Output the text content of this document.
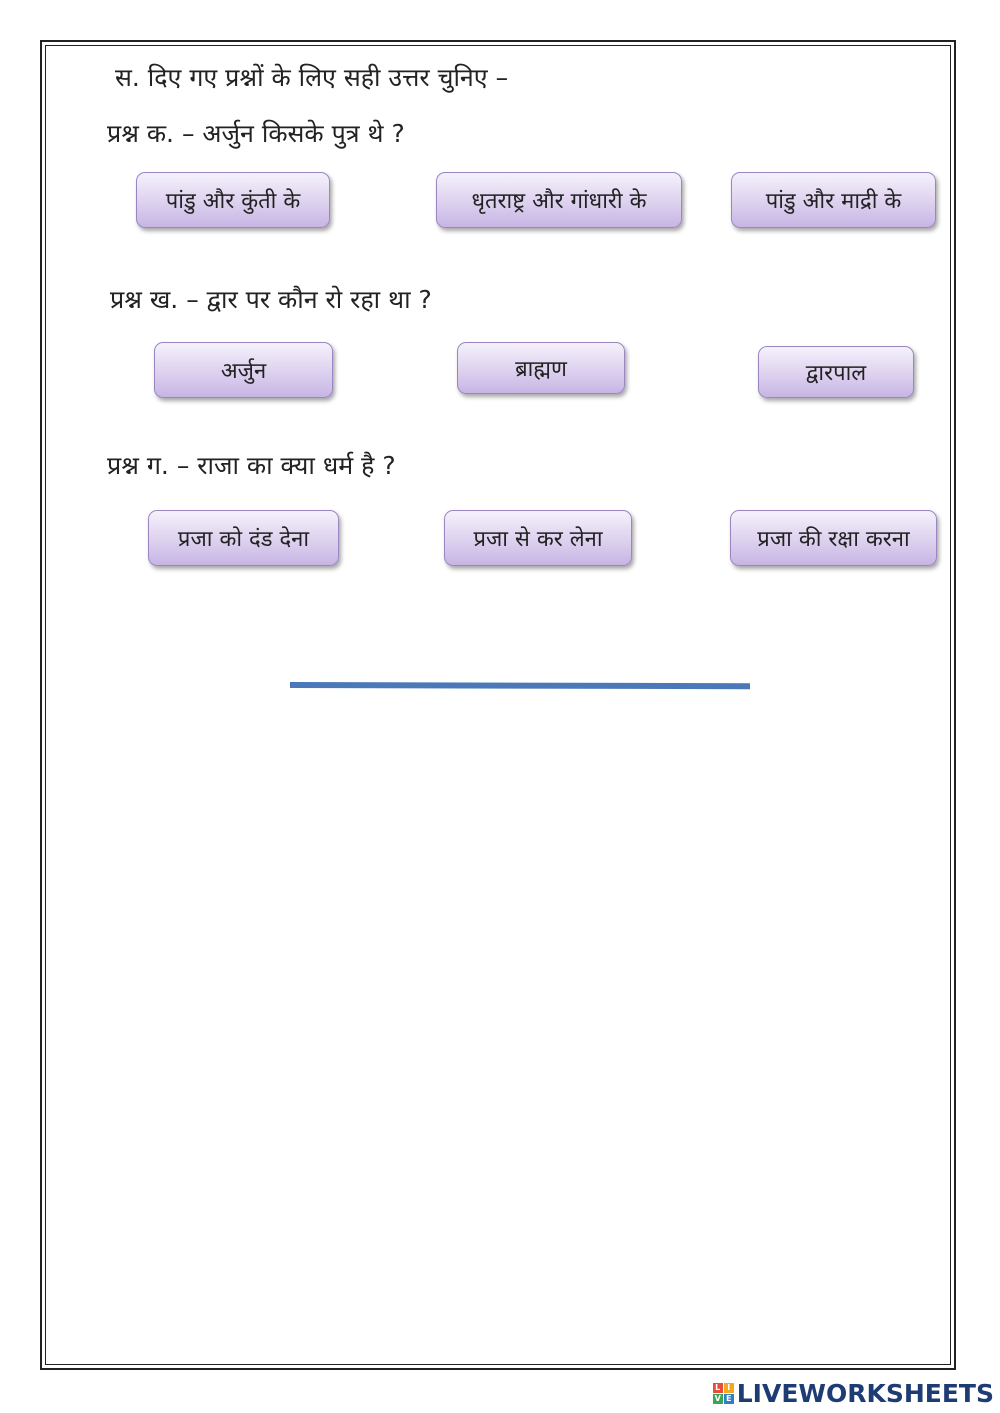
स. दिए गए प्रश्नों के लिए सही उत्तर चुनिए –
प्रश्न क. – अर्जुन किसके पुत्र थे ?
पांडु और कुंती के	धृतराष्ट्र और गांधारी के	पांडु और माद्री के
प्रश्न ख. – द्वार पर कौन रो रहा था ?
अर्जुन	ब्राह्मण	द्वारपाल
प्रश्न ग. – राजा का क्या धर्म है ?
प्रजा को दंड देना	प्रजा से कर लेना	प्रजा की रक्षा करना
L I
V E LIVEWORKSHEETS
